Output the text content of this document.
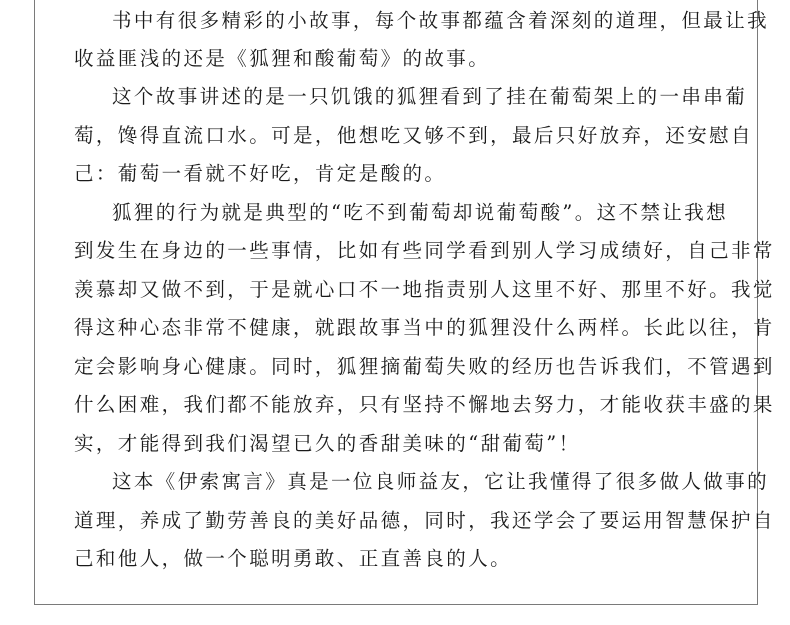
书中有很多精彩的小故事，每个故事都蕴含着深刻的道理，但最让我
收益匪浅的还是《狐狸和酸葡萄》的故事。
这个故事讲述的是一只饥饿的狐狸看到了挂在葡萄架上的一串串葡
萄，馋得直流口水。可是，他想吃又够不到，最后只好放弃，还安慰自
己：葡萄一看就不好吃，肯定是酸的。
狐狸的行为就是典型的“吃不到葡萄却说葡萄酸”。这不禁让我想
到发生在身边的一些事情，比如有些同学看到别人学习成绩好，自己非常
羡慕却又做不到，于是就心口不一地指责别人这里不好、那里不好。我觉
得这种心态非常不健康，就跟故事当中的狐狸没什么两样。长此以往，肯
定会影响身心健康。同时，狐狸摘葡萄失败的经历也告诉我们，不管遇到
什么困难，我们都不能放弃，只有坚持不懈地去努力，才能收获丰盛的果
实，才能得到我们渴望已久的香甜美味的“甜葡萄”！
这本《伊索寓言》真是一位良师益友，它让我懂得了很多做人做事的
道理，养成了勤劳善良的美好品德，同时，我还学会了要运用智慧保护自
己和他人，做一个聪明勇敢、正直善良的人。
